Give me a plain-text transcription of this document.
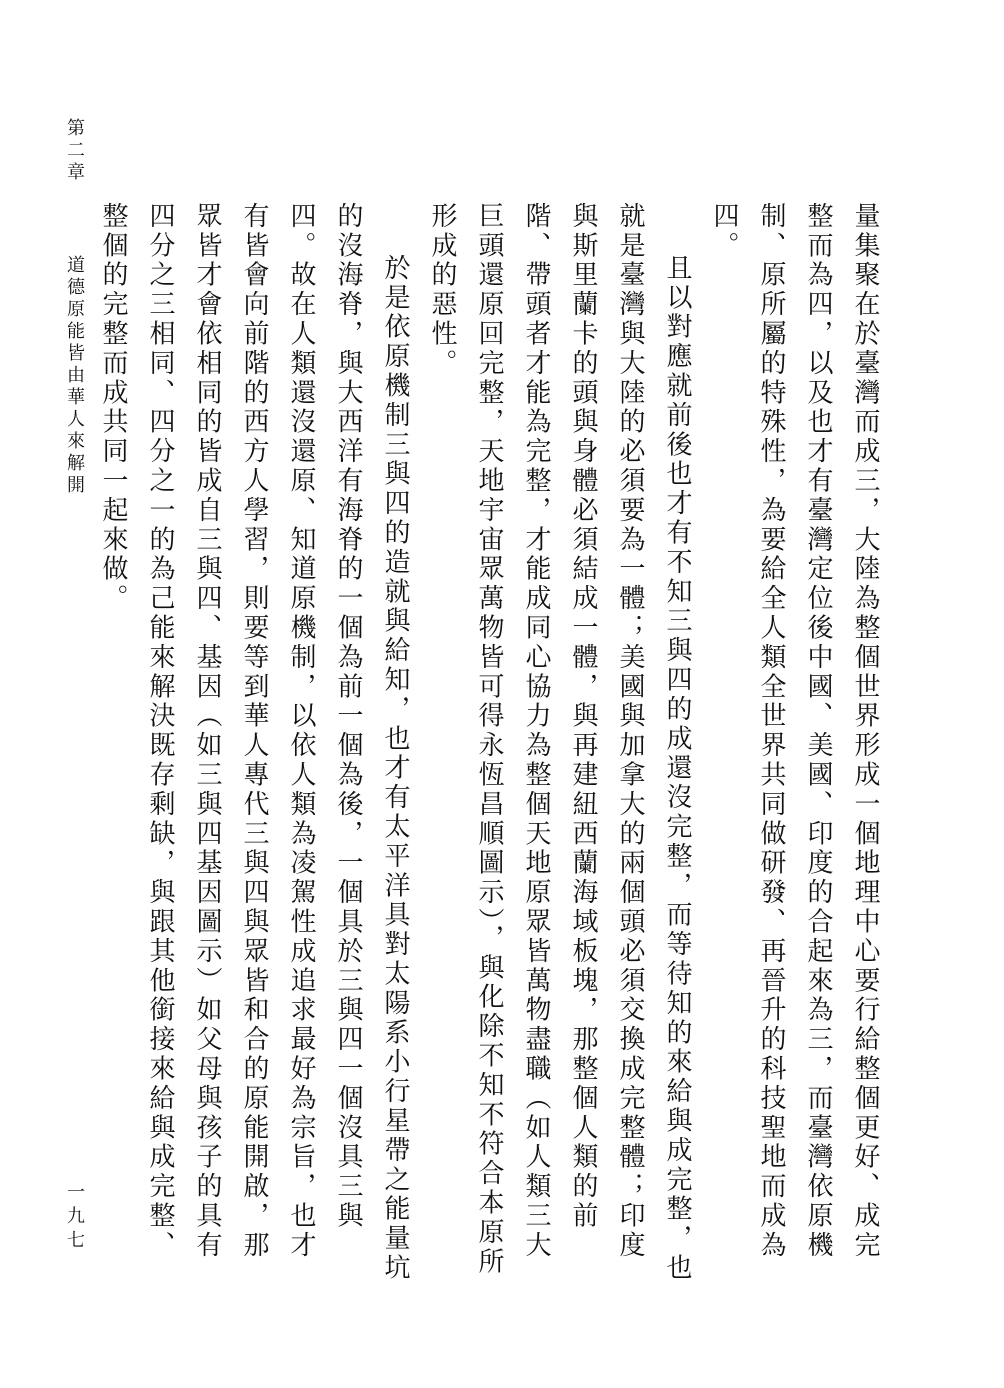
第二章 道德原能皆由華人來解開
一九七	量集聚在於臺灣而成三，大陸為整個世界形成一個地理中心要行給整個更好、成完整而為四，以及也才有臺灣定位後中國、美國、印度的合起來為三，而臺灣依原機制、原所屬的特殊性，為要給全人類全世界共同做研發、再晉升的科技聖地而成為四。

且以對應就前後也才有不知三與四的成還沒完整，而等待知的來給與成完整，也就是臺灣與大陸的必須要為一體；美國與加拿大的兩個頭必須交換成完整體；印度與斯里蘭卡的頭與身體必須結成一體，與再建紐西蘭海域板塊，那整個人類的前階、帶頭者才能為完整，才能成同心協力為整個天地原眾皆萬物盡職（如人類三大巨頭還原回完整，天地宇宙眾萬物皆可得永恆昌順圖示），與化除不知不符合本原所形成的惡性。

於是依原機制三與四的造就與給知，也才有太平洋具對太陽系小行星帶之能量坑的沒海脊，與大西洋有海脊的一個為前一個為後，一個具於三與四一個沒具三與四。故在人類還沒還原、知道原機制，以依人類為凌駕性成追求最好為宗旨，也才有皆會向前階的西方人學習，則要等到華人專代三與四與眾皆和合的原能開啟，那眾皆才會依相同的皆成自三與四、基因（如三與四基因圖示）如父母與孩子的具有四分之三相同、四分之一的為己能來解決既存剩缺，與跟其他銜接來給與成完整、整個的完整而成共同一起來做。
